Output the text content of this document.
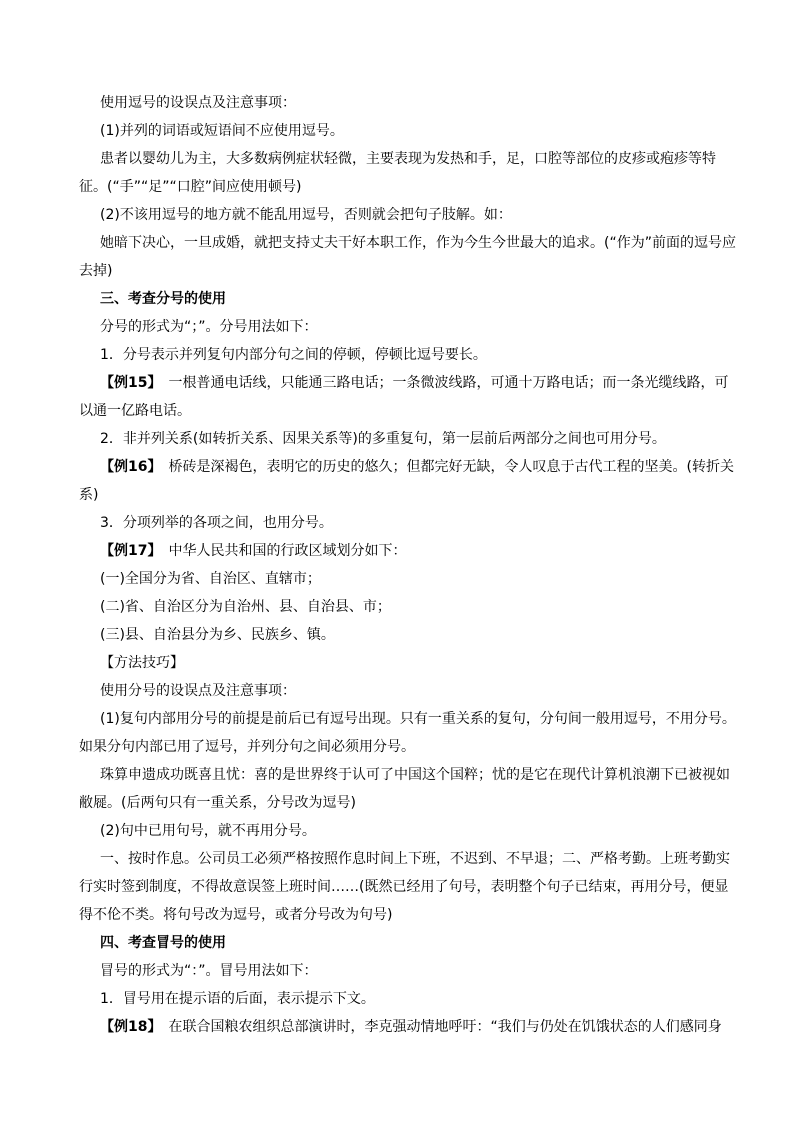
使用逗号的设误点及注意事项：

(1)并列的词语或短语间不应使用逗号。

患者以婴幼儿为主，大多数病例症状轻微，主要表现为发热和手，足，口腔等部位的皮疹或疱疹等特征。(“手”“足”“口腔”间应使用顿号)

(2)不该用逗号的地方就不能乱用逗号，否则就会把句子肢解。如：

她暗下决心，一旦成婚，就把支持丈夫干好本职工作，作为今生今世最大的追求。(“作为”前面的逗号应去掉)

三、考查分号的使用

分号的形式为“；”。分号用法如下：

1．分号表示并列复句内部分句之间的停顿，停顿比逗号要长。

【例15】　一根普通电话线，只能通三路电话；一条微波线路，可通十万路电话；而一条光缆线路，可以通一亿路电话。

2．非并列关系(如转折关系、因果关系等)的多重复句，第一层前后两部分之间也可用分号。

【例16】　桥砖是深褐色，表明它的历史的悠久；但都完好无缺，令人叹息于古代工程的坚美。(转折关系)

3．分项列举的各项之间，也用分号。

【例17】　中华人民共和国的行政区域划分如下：

(一)全国分为省、自治区、直辖市；

(二)省、自治区分为自治州、县、自治县、市；

(三)县、自治县分为乡、民族乡、镇。

【方法技巧】

使用分号的设误点及注意事项：

(1)复句内部用分号的前提是前后已有逗号出现。只有一重关系的复句，分句间一般用逗号，不用分号。如果分句内部已用了逗号，并列分句之间必须用分号。

珠算申遗成功既喜且忧：喜的是世界终于认可了中国这个国粹；忧的是它在现代计算机浪潮下已被视如敝屣。(后两句只有一重关系，分号改为逗号)

(2)句中已用句号，就不再用分号。

一、按时作息。公司员工必须严格按照作息时间上下班，不迟到、不早退；二、严格考勤。上班考勤实行实时签到制度，不得故意误签上班时间……(既然已经用了句号，表明整个句子已结束，再用分号，便显得不伦不类。将句号改为逗号，或者分号改为句号)

四、考查冒号的使用

冒号的形式为“：”。冒号用法如下：

1．冒号用在提示语的后面，表示提示下文。

【例18】　在联合国粮农组织总部演讲时，李克强动情地呼吁：“我们与仍处在饥饿状态的人们感同身
